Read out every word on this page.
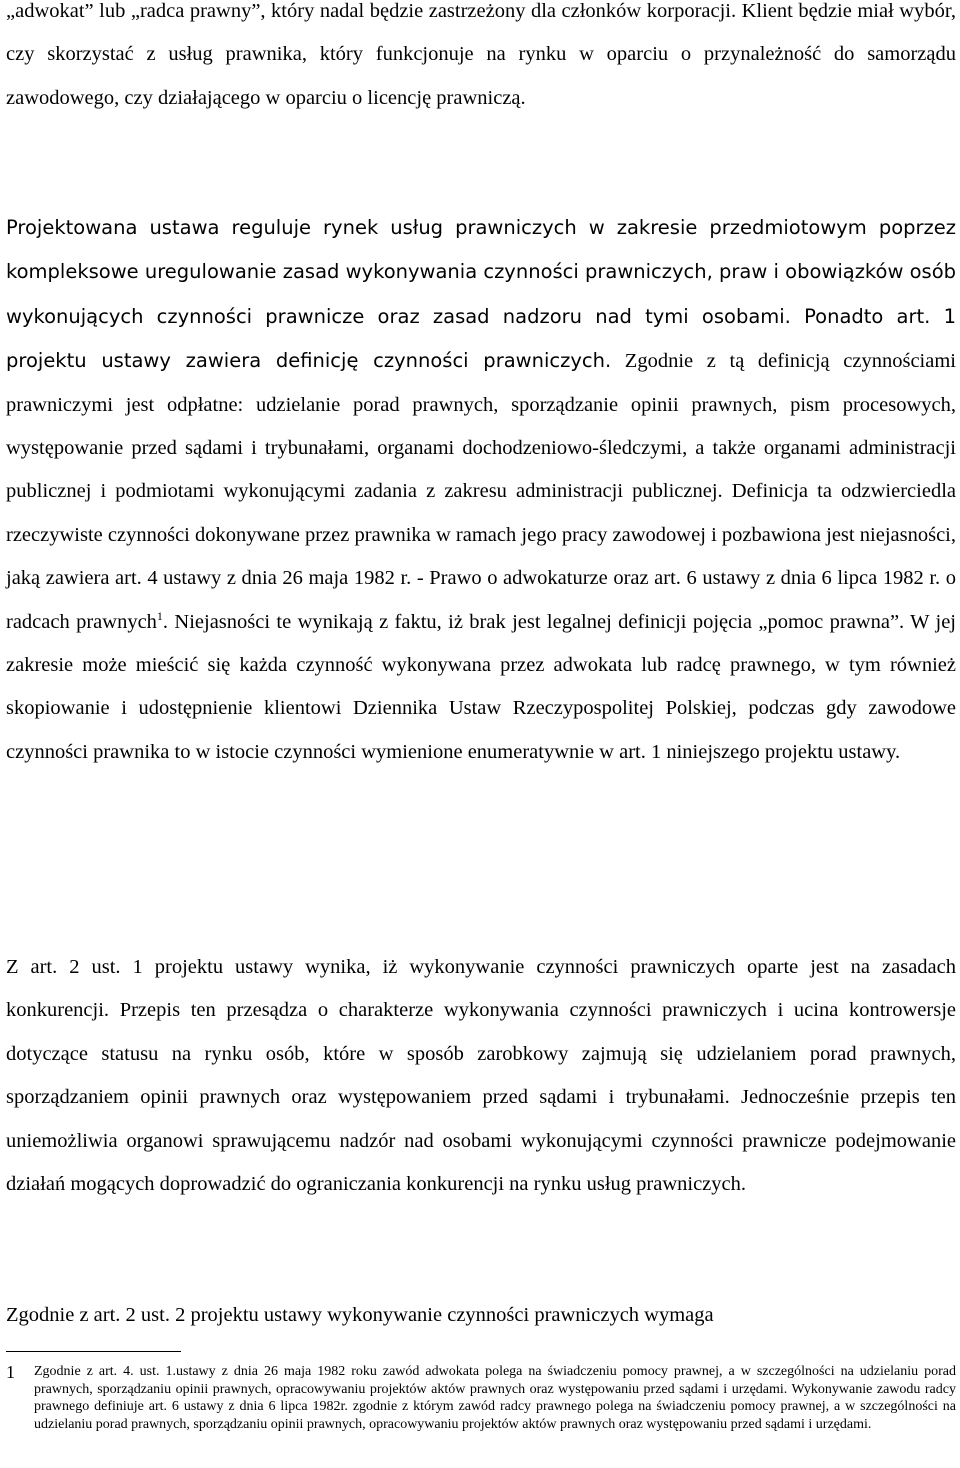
„adwokat” lub „radca prawny”, który nadal będzie zastrzeżony dla członków korporacji. Klient będzie miał wybór, czy skorzystać z usług prawnika, który funkcjonuje na rynku w oparciu o przynależność do samorządu zawodowego, czy działającego w oparciu o licencję prawniczą.

Projektowana ustawa reguluje rynek usług prawniczych w zakresie przedmiotowym poprzez kompleksowe uregulowanie zasad wykonywania czynności prawniczych, praw i obowiązków osób wykonujących czynności prawnicze oraz zasad nadzoru nad tymi osobami. Ponadto art. 1 projektu ustawy zawiera definicję czynności prawniczych. Zgodnie z tą definicją czynnościami prawniczymi jest odpłatne: udzielanie porad prawnych, sporządzanie opinii prawnych, pism procesowych, występowanie przed sądami i trybunałami, organami dochodzeniowo-śledczymi, a także organami administracji publicznej i podmiotami wykonującymi zadania z zakresu administracji publicznej. Definicja ta odzwierciedla rzeczywiste czynności dokonywane przez prawnika w ramach jego pracy zawodowej i pozbawiona jest niejasności, jaką zawiera art. 4 ustawy z dnia 26 maja 1982 r. - Prawo o adwokaturze oraz art. 6 ustawy z dnia 6 lipca 1982 r. o radcach prawnych$^1$. Niejasności te wynikają z faktu, iż brak jest legalnej definicji pojęcia „pomoc prawna”. W jej zakresie może mieścić się każda czynność wykonywana przez adwokata lub radcę prawnego, w tym również skopiowanie i udostępnienie klientowi Dziennika Ustaw Rzeczypospolitej Polskiej, podczas gdy zawodowe czynności prawnika to w istocie czynności wymienione enumeratywnie w art. 1 niniejszego projektu ustawy.

Z art. 2 ust. 1 projektu ustawy wynika, iż wykonywanie czynności prawniczych oparte jest na zasadach konkurencji. Przepis ten przesądza o charakterze wykonywania czynności prawniczych i ucina kontrowersje dotyczące statusu na rynku osób, które w sposób zarobkowy zajmują się udzielaniem porad prawnych, sporządzaniem opinii prawnych oraz występowaniem przed sądami i trybunałami. Jednocześnie przepis ten uniemożliwia organowi sprawującemu nadzór nad osobami wykonującymi czynności prawnicze podejmowanie działań mogących doprowadzić do ograniczania konkurencji na rynku usług prawniczych.

Zgodnie z art. 2 ust. 2 projektu ustawy wykonywanie czynności prawniczych wymaga

1 Zgodnie z art. 4. ust. 1.ustawy z dnia 26 maja 1982 roku zawód adwokata polega na świadczeniu pomocy prawnej, a w szczególności na udzielaniu porad prawnych, sporządzaniu opinii prawnych, opracowywaniu projektów aktów prawnych oraz występowaniu przed sądami i urzędami. Wykonywanie zawodu radcy prawnego definiuje art. 6 ustawy z dnia 6 lipca 1982r. zgodnie z którym zawód radcy prawnego polega na świadczeniu pomocy prawnej, a w szczególności na udzielaniu porad prawnych, sporządzaniu opinii prawnych, opracowywaniu projektów aktów prawnych oraz występowaniu przed sądami i urzędami.
